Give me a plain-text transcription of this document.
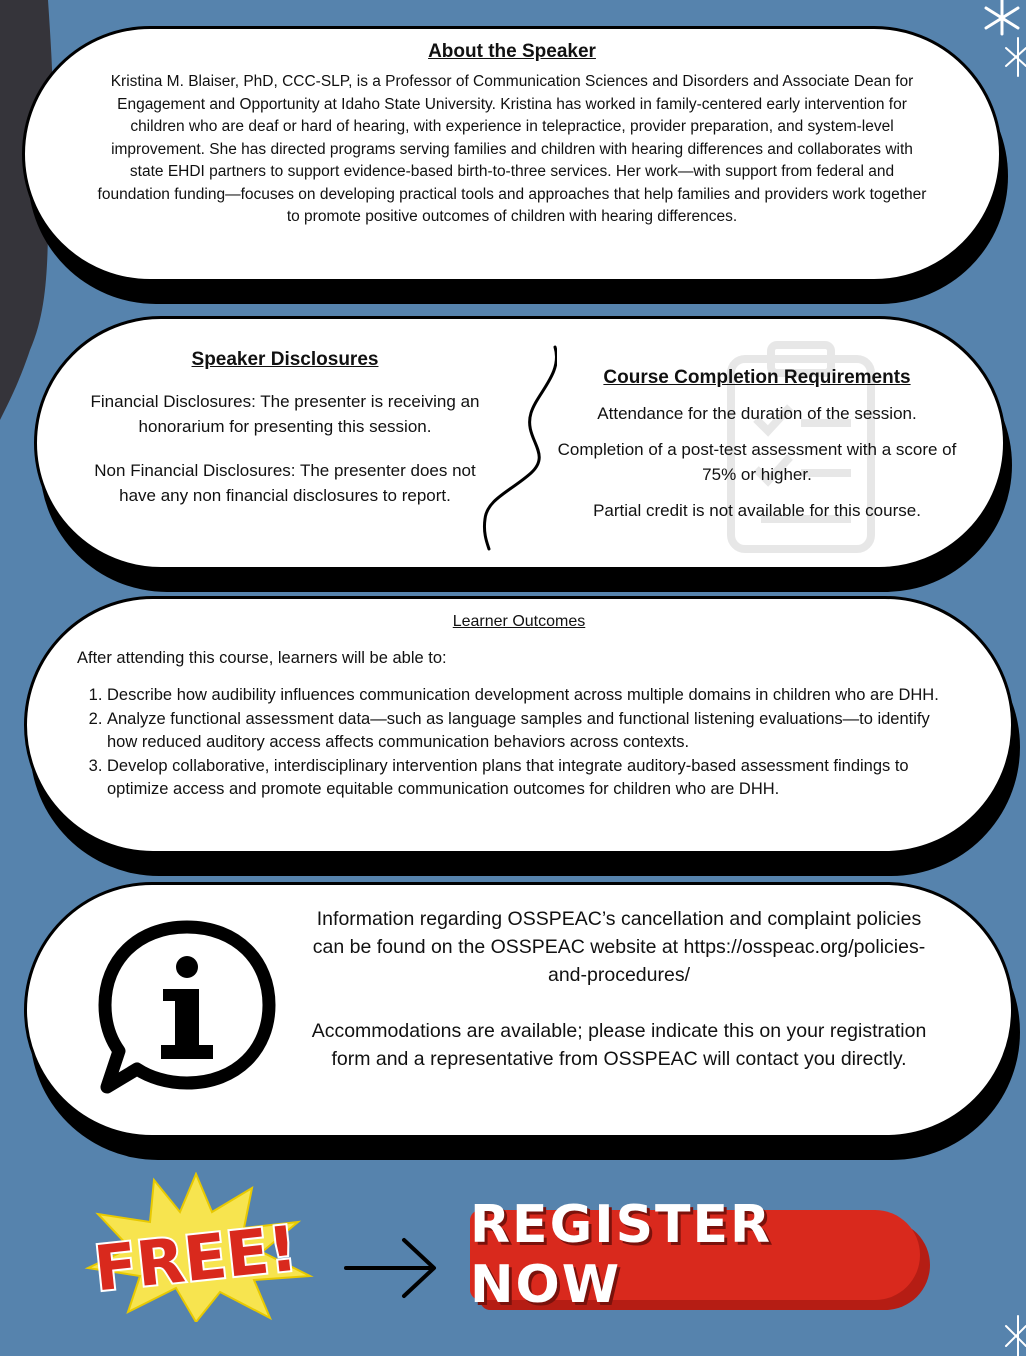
About the Speaker

Kristina M. Blaiser, PhD, CCC-SLP, is a Professor of Communication Sciences and Disorders and Associate Dean for Engagement and Opportunity at Idaho State University. Kristina has worked in family-centered early intervention for children who are deaf or hard of hearing, with experience in telepractice, provider preparation, and system-level improvement. She has directed programs serving families and children with hearing differences and collaborates with state EHDI partners to support evidence-based birth-to-three services. Her work—with support from federal and foundation funding—focuses on developing practical tools and approaches that help families and providers work together to promote positive outcomes of children with hearing differences.

Speaker Disclosures

Financial Disclosures: The presenter is receiving an honorarium for presenting this session.

Non Financial Disclosures: The presenter does not have any non financial disclosures to report.

Course Completion Requirements

Attendance for the duration of the session.

Completion of a post-test assessment with a score of 75% or higher.

Partial credit is not available for this course.

Learner Outcomes

After attending this course, learners will be able to:

1. Describe how audibility influences communication development across multiple domains in children who are DHH.
2. Analyze functional assessment data—such as language samples and functional listening evaluations—to identify how reduced auditory access affects communication behaviors across contexts.
3. Develop collaborative, interdisciplinary intervention plans that integrate auditory-based assessment findings to optimize access and promote equitable communication outcomes for children who are DHH.

Information regarding OSSPEAC’s cancellation and complaint policies can be found on the OSSPEAC website at https://osspeac.org/policies-and-procedures/

Accommodations are available; please indicate this on your registration form and a representative from OSSPEAC will contact you directly.

FREE!	REGISTER NOW
